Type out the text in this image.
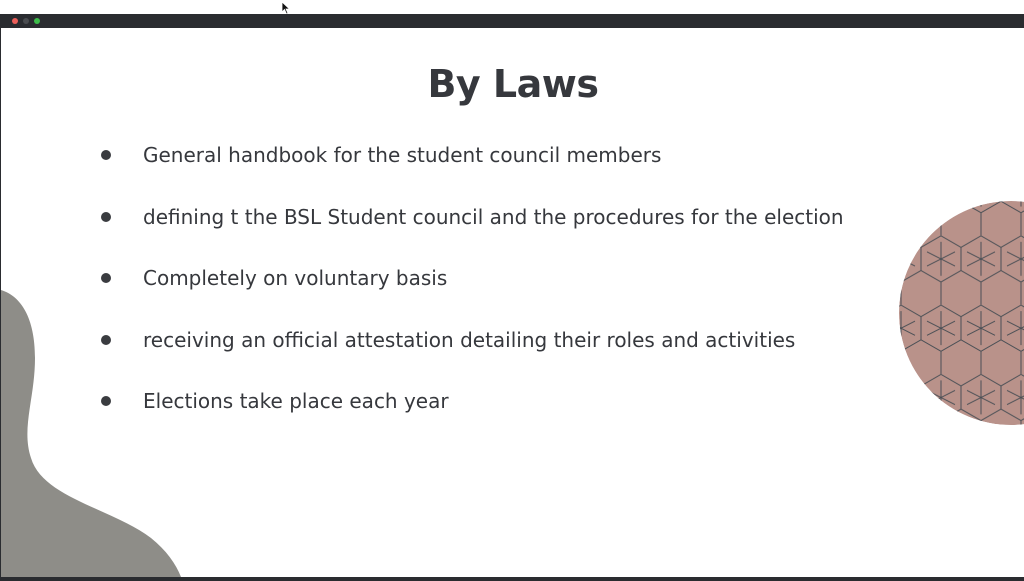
By Laws
General handbook for the student council members
defining t the BSL Student council and the procedures for the election
Completely on voluntary basis
receiving an official attestation detailing their roles and activities
Elections take place each year
